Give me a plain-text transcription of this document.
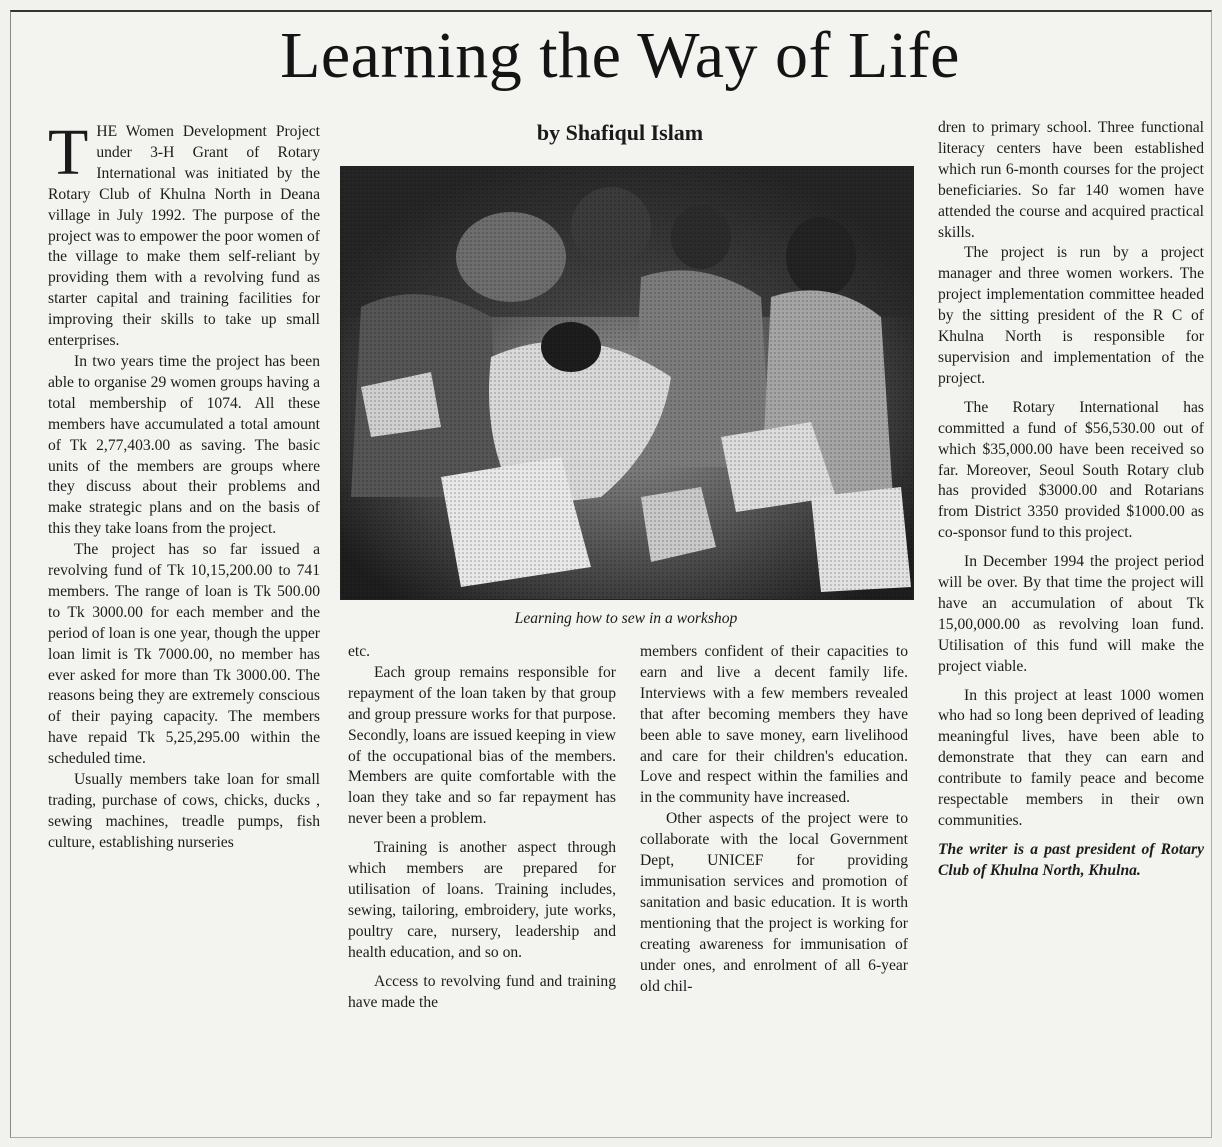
Learning the Way of Life
by Shafiqul Islam

THE Women Development Project under 3-H Grant of Rotary International was initiated by the Rotary Club of Khulna North in Deana village in July 1992. The purpose of the project was to empower the poor women of the village to make them self-reliant by providing them with a revolving fund as starter capital and training facilities for improving their skills to take up small enterprises.

In two years time the project has been able to organise 29 women groups having a total membership of 1074. All these members have accumulated a total amount of Tk 2,77,403.00 as saving. The basic units of the members are groups where they discuss about their problems and make strategic plans and on the basis of this they take loans from the project.

The project has so far issued a revolving fund of Tk 10,15,200.00 to 741 members. The range of loan is Tk 500.00 to Tk 3000.00 for each member and the period of loan is one year, though the upper loan limit is Tk 7000.00, no member has ever asked for more than Tk 3000.00. The reasons being they are extremely conscious of their paying capacity. The members have repaid Tk 5,25,295.00 within the scheduled time.

Usually members take loan for small trading, purchase of cows, chicks, ducks , sewing machines, treadle pumps, fish culture, establishing nurseries

Learning how to sew in a workshop

etc.

Each group remains responsible for repayment of the loan taken by that group and group pressure works for that purpose. Secondly, loans are issued keeping in view of the occupational bias of the members. Members are quite comfortable with the loan they take and so far repayment has never been a problem.

Training is another aspect through which members are prepared for utilisation of loans. Training includes, sewing, tailoring, embroidery, jute works, poultry care, nursery, leadership and health education, and so on.

Access to revolving fund and training have made the

members confident of their capacities to earn and live a decent family life. Interviews with a few members revealed that after becoming members they have been able to save money, earn livelihood and care for their children's education. Love and respect within the families and in the community have increased.

Other aspects of the project were to collaborate with the local Government Dept, UNICEF for providing immunisation services and promotion of sanitation and basic education. It is worth mentioning that the project is working for creating awareness for immunisation of under ones, and enrolment of all 6-year old chil-

dren to primary school. Three functional literacy centers have been established which run 6-month courses for the project beneficiaries. So far 140 women have attended the course and acquired practical skills.

The project is run by a project manager and three women workers. The project implementation committee headed by the sitting president of the R C of Khulna North is responsible for supervision and implementation of the project.

The Rotary International has committed a fund of $56,530.00 out of which $35,000.00 have been received so far. Moreover, Seoul South Rotary club has provided $3000.00 and Rotarians from District 3350 provided $1000.00 as co-sponsor fund to this project.

In December 1994 the project period will be over. By that time the project will have an accumulation of about Tk 15,00,000.00 as revolving loan fund. Utilisation of this fund will make the project viable.

In this project at least 1000 women who had so long been deprived of leading meaningful lives, have been able to demonstrate that they can earn and contribute to family peace and become respectable members in their own communities.

The writer is a past president of Rotary Club of Khulna North, Khulna.
